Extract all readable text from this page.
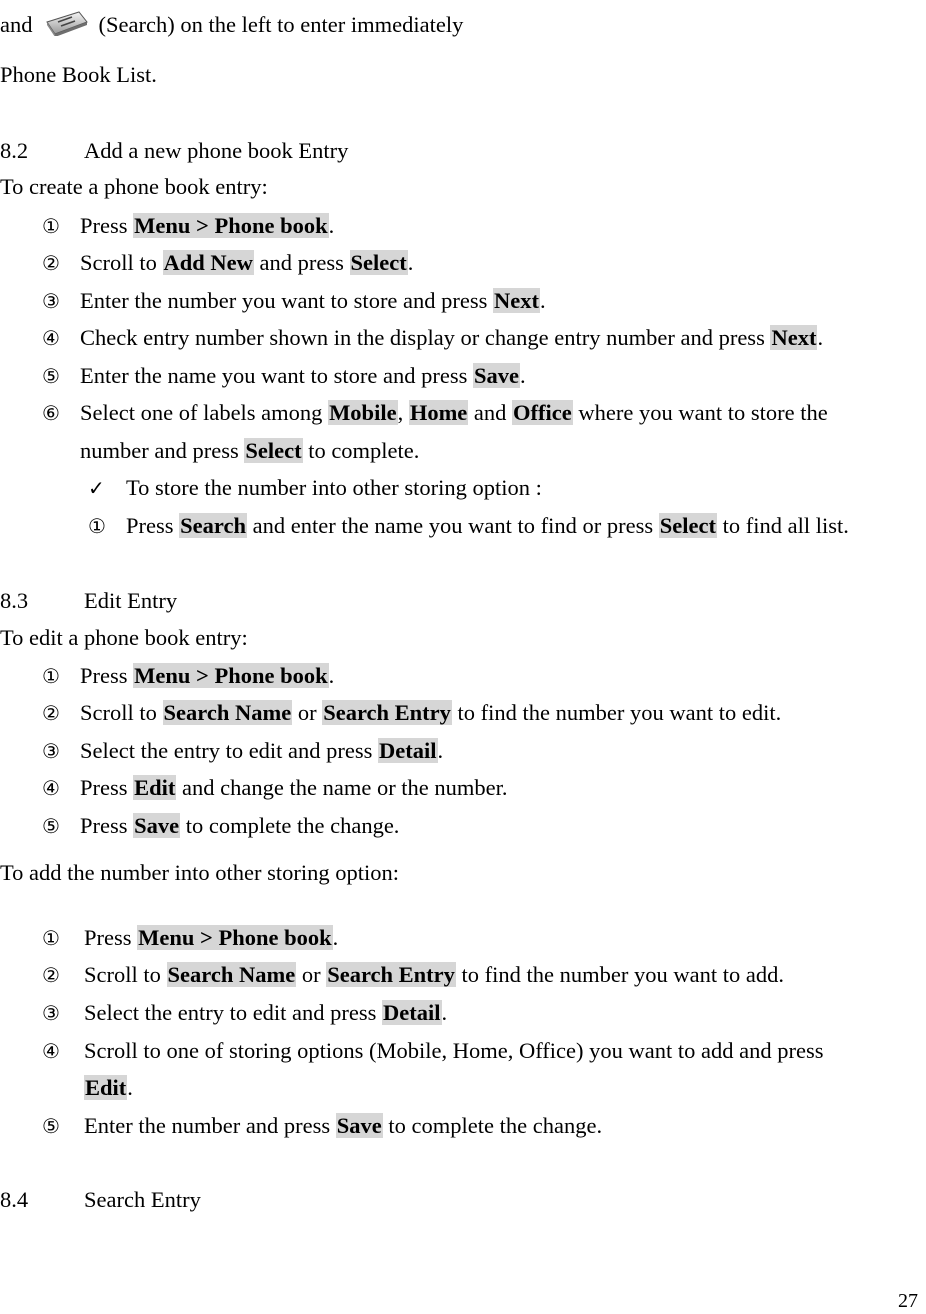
and	(Search) on the left to enter immediately
Phone Book List.
8.2 Add a new phone book Entry
To create a phone book entry:
① Press Menu > Phone book.
② Scroll to Add New and press Select.
③ Enter the number you want to store and press Next.
④ Check entry number shown in the display or change entry number and press Next.
⑤ Enter the name you want to store and press Save.
⑥ Select one of labels among Mobile, Home and Office where you want to store the
number and press Select to complete.
✓ To store the number into other storing option :
① Press Search and enter the name you want to find or press Select to find all list.
8.3 Edit Entry
To edit a phone book entry:
① Press Menu > Phone book.
② Scroll to Search Name or Search Entry to find the number you want to edit.
③ Select the entry to edit and press Detail.
④ Press Edit and change the name or the number.
⑤ Press Save to complete the change.
To add the number into other storing option:
① Press Menu > Phone book.
② Scroll to Search Name or Search Entry to find the number you want to add.
③ Select the entry to edit and press Detail.
④ Scroll to one of storing options (Mobile, Home, Office) you want to add and press
Edit.
⑤ Enter the number and press Save to complete the change.
8.4 Search Entry
27
